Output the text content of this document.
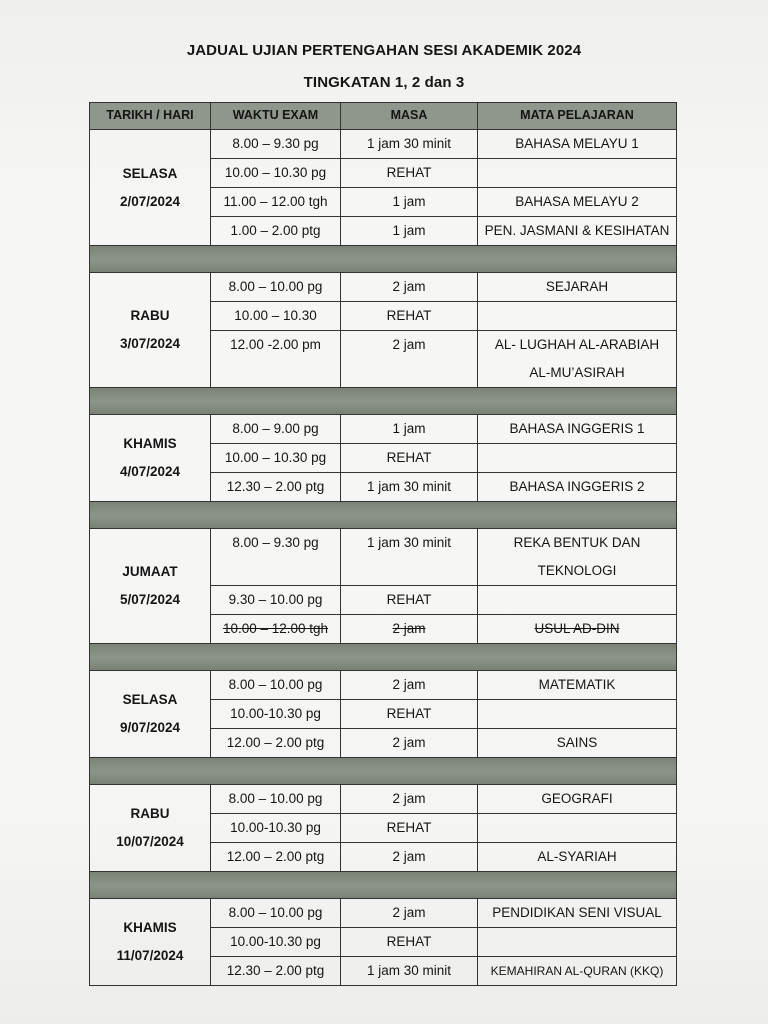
JADUAL UJIAN PERTENGAHAN SESI AKADEMIK 2024
TINGKATAN 1, 2 dan 3
TARIKH / HARI	WAKTU EXAM	MASA	MATA PELAJARAN

SELASA
2/07/2024	8.00 – 9.30 pg	1 jam 30 minit	BAHASA MELAYU 1
	10.00 – 10.30 pg	REHAT	
	11.00 – 12.00 tgh	1 jam	BAHASA MELAYU 2
	1.00 – 2.00 ptg	1 jam	PEN. JASMANI & KESIHATAN

RABU
3/07/2024	8.00 – 10.00 pg	2 jam	SEJARAH
	10.00 – 10.30	REHAT	
	12.00 -2.00 pm	2 jam	AL- LUGHAH AL-ARABIAH
			AL-MU’ASIRAH

KHAMIS
4/07/2024	8.00 – 9.00 pg	1 jam	BAHASA INGGERIS 1
	10.00 – 10.30 pg	REHAT	
	12.30 – 2.00 ptg	1 jam 30 minit	BAHASA INGGERIS 2

JUMAAT
5/07/2024	8.00 – 9.30 pg	1 jam 30 minit	REKA BENTUK DAN
			TEKNOLOGI
	9.30 – 10.00 pg	REHAT	
	10.00 – 12.00 tgh	2 jam	USUL AD-DIN

SELASA
9/07/2024	8.00 – 10.00 pg	2 jam	MATEMATIK
	10.00-10.30 pg	REHAT	
	12.00 – 2.00 ptg	2 jam	SAINS

RABU
10/07/2024	8.00 – 10.00 pg	2 jam	GEOGRAFI
	10.00-10.30 pg	REHAT	
	12.00 – 2.00 ptg	2 jam	AL-SYARIAH

KHAMIS
11/07/2024	8.00 – 10.00 pg	2 jam	PENDIDIKAN SENI VISUAL
	10.00-10.30 pg	REHAT	
	12.30 – 2.00 ptg	1 jam 30 minit	KEMAHIRAN AL-QURAN (KKQ)
